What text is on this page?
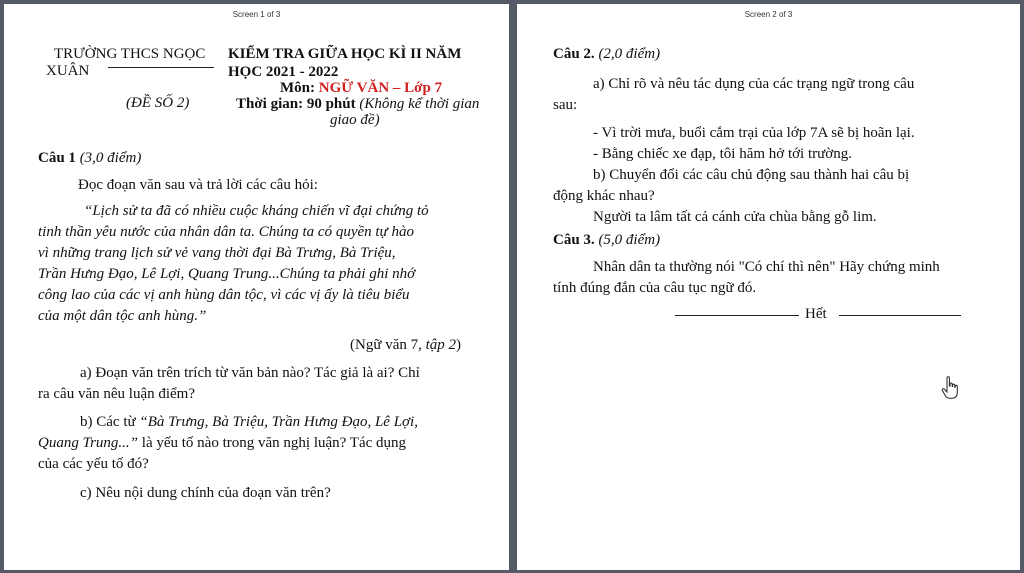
Screen 1 of 3
TRƯỜNG THCS NGỌC
XUÂN
(ĐỀ SỐ 2)
KIỂM TRA GIỮA HỌC KÌ II NĂM
HỌC 2021 - 2022
Môn: NGỮ VĂN – Lớp 7
Thời gian: 90 phút (Không kể thời gian
giao đề)
Câu 1 (3,0 điểm)
Đọc đoạn văn sau và trả lời các câu hỏi:
“Lịch sử ta đã có nhiều cuộc kháng chiến vĩ đại chứng tỏ
tinh thần yêu nước của nhân dân ta. Chúng ta có quyền tự hào
vì những trang lịch sử vẻ vang thời đại Bà Trưng, Bà Triệu,
Trần Hưng Đạo, Lê Lợi, Quang Trung...Chúng ta phải ghi nhớ
công lao của các vị anh hùng dân tộc, vì các vị ấy là tiêu biểu
của một dân tộc anh hùng.”
(Ngữ văn 7, tập 2)
a) Đoạn văn trên trích từ văn bản nào? Tác giả là ai? Chỉ
ra câu văn nêu luận điểm?
b) Các từ “Bà Trưng, Bà Triệu, Trần Hưng Đạo, Lê Lợi,
Quang Trung...” là yếu tố nào trong văn nghị luận? Tác dụng
của các yếu tố đó?
c) Nêu nội dung chính của đoạn văn trên?
Screen 2 of 3
Câu 2. (2,0 điểm)
a) Chỉ rõ và nêu tác dụng của các trạng ngữ trong câu
sau:
- Vì trời mưa, buổi cắm trại của lớp 7A sẽ bị hoãn lại.
- Bằng chiếc xe đạp, tôi hăm hở tới trường.
b) Chuyển đổi các câu chủ động sau thành hai câu bị
động khác nhau?
Người ta lâm tất cả cánh cửa chùa bằng gỗ lim.
Câu 3. (5,0 điểm)
Nhân dân ta thường nói "Có chí thì nên" Hãy chứng minh
tính đúng đắn của câu tục ngữ đó.
Hết
